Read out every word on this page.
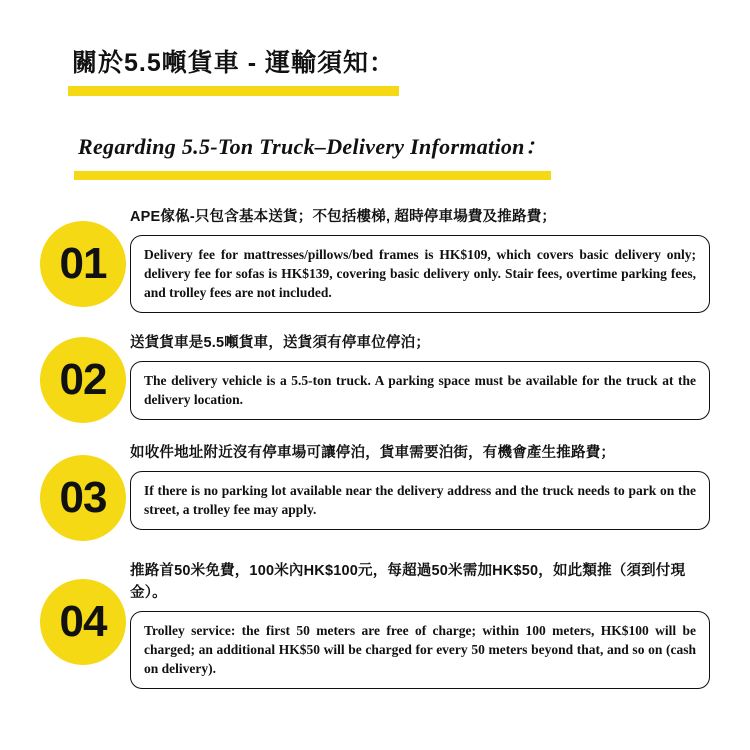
關於5.5噸貨車 - 運輸須知：

Regarding 5.5-Ton Truck–Delivery Information：
01
APE傢俬-只包含基本送貨；不包括樓梯, 超時停車場費及推路費；
Delivery fee for mattresses/pillows/bed frames is HK$109, which covers basic delivery only; delivery fee for sofas is HK$139, covering basic delivery only. Stair fees, overtime parking fees, and trolley fees are not included.
02
送貨貨車是5.5噸貨車，送貨須有停車位停泊；
The delivery vehicle is a 5.5-ton truck. A parking space must be available for the truck at the delivery location.
03
如收件地址附近沒有停車場可讓停泊，貨車需要泊街，有機會產生推路費；
If there is no parking lot available near the delivery address and the truck needs to park on the street, a trolley fee may apply.
04
推路首50米免費，100米內HK$100元，每超過50米需加HK$50，如此類推（須到付現金）。
Trolley service: the first 50 meters are free of charge; within 100 meters, HK$100 will be charged; an additional HK$50 will be charged for every 50 meters beyond that, and so on (cash on delivery).
